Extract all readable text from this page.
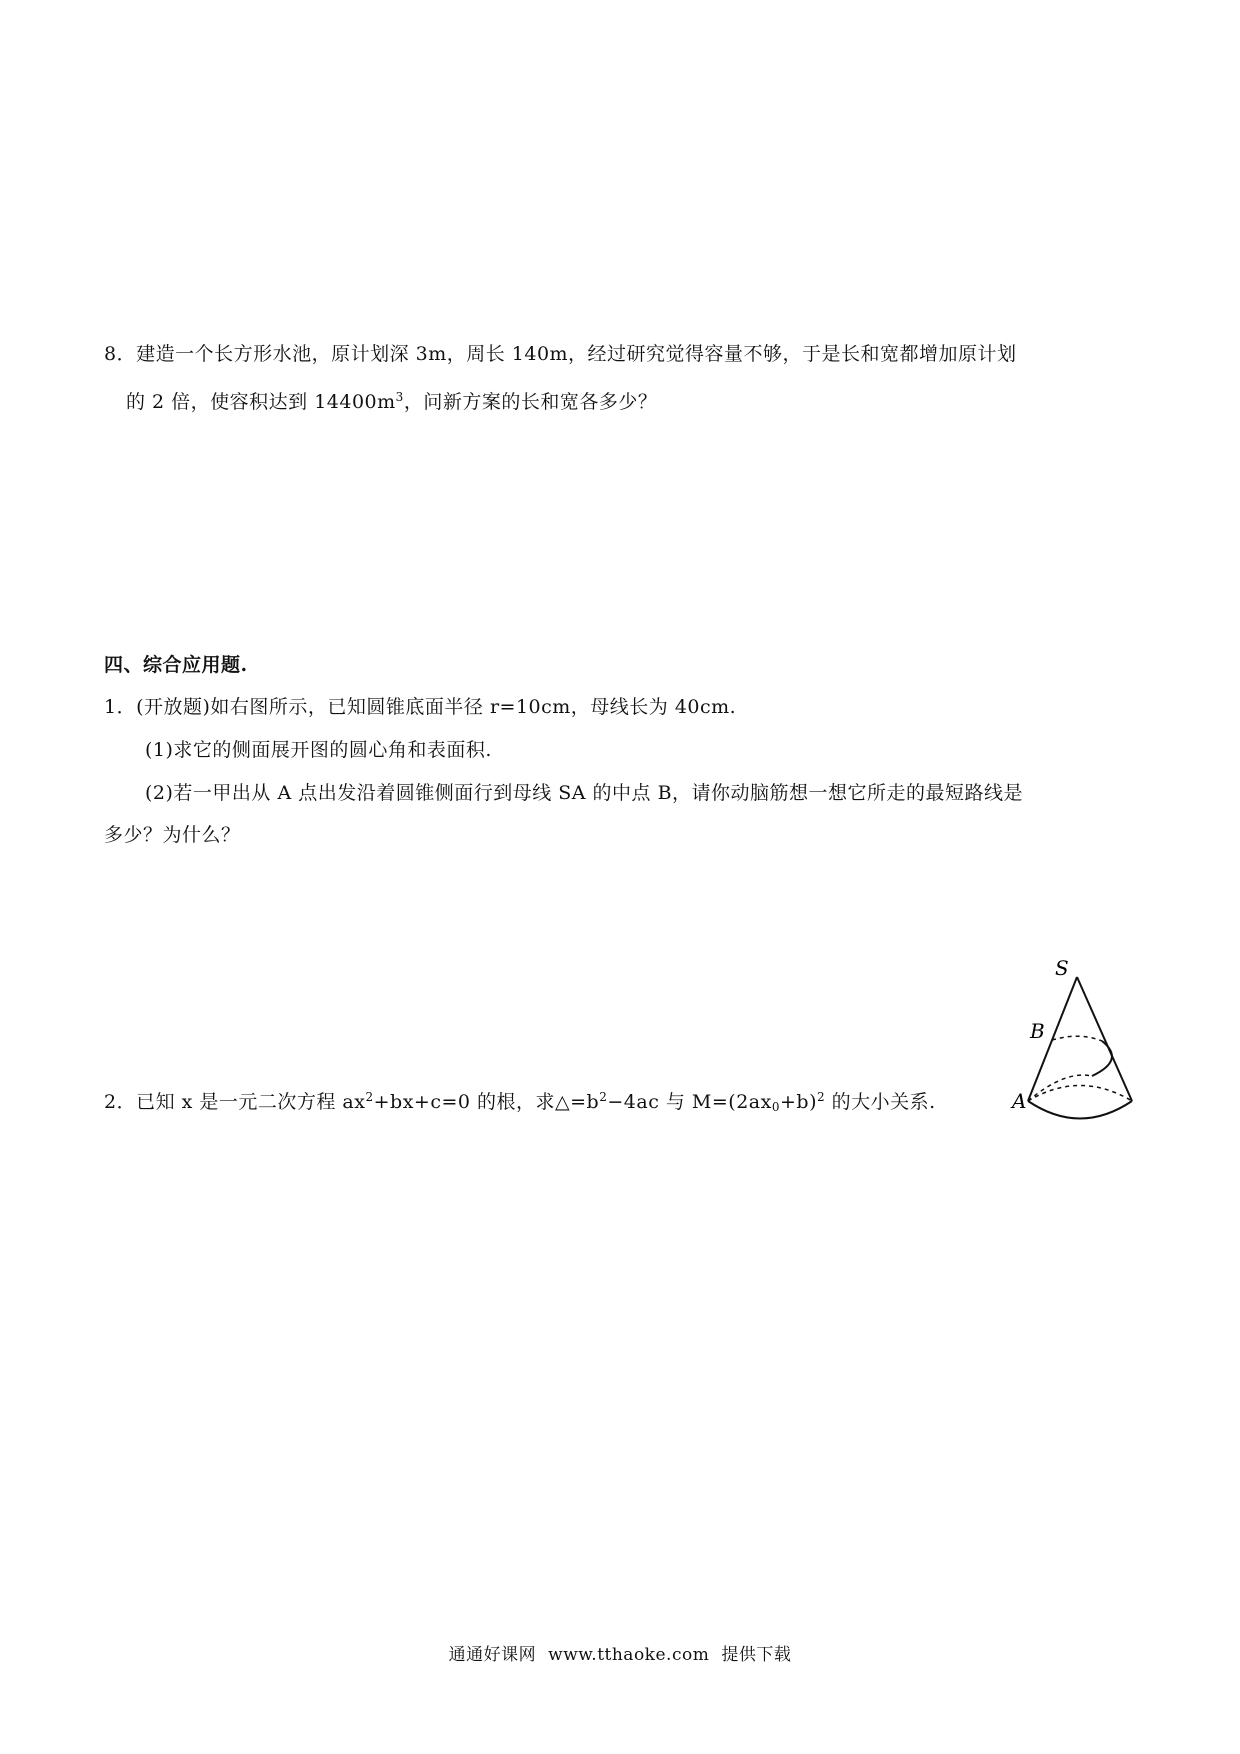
8．建造一个长方形水池，原计划深 3m，周长 140m，经过研究觉得容量不够，于是长和宽都增加原计划
的 2 倍，使容积达到 $14400m^3$，问新方案的长和宽各多少？
四、综合应用题.
1．(开放题)如右图所示，已知圆锥底面半径 r=10cm，母线长为 40cm.
(1)求它的侧面展开图的圆心角和表面积.
(2)若一甲出从 A 点出发沿着圆锥侧面行到母线 SA 的中点 B，请你动脑筋想一想它所走的最短路线是
多少？为什么？
S
B
A
2．已知 x 是一元二次方程 $ax^2+bx+c=0$ 的根，求$\triangle=b^2-4ac$ 与 $M=(2ax_0+b)^2$ 的大小关系.
通通好课网 www.tthaoke.com 提供下载
